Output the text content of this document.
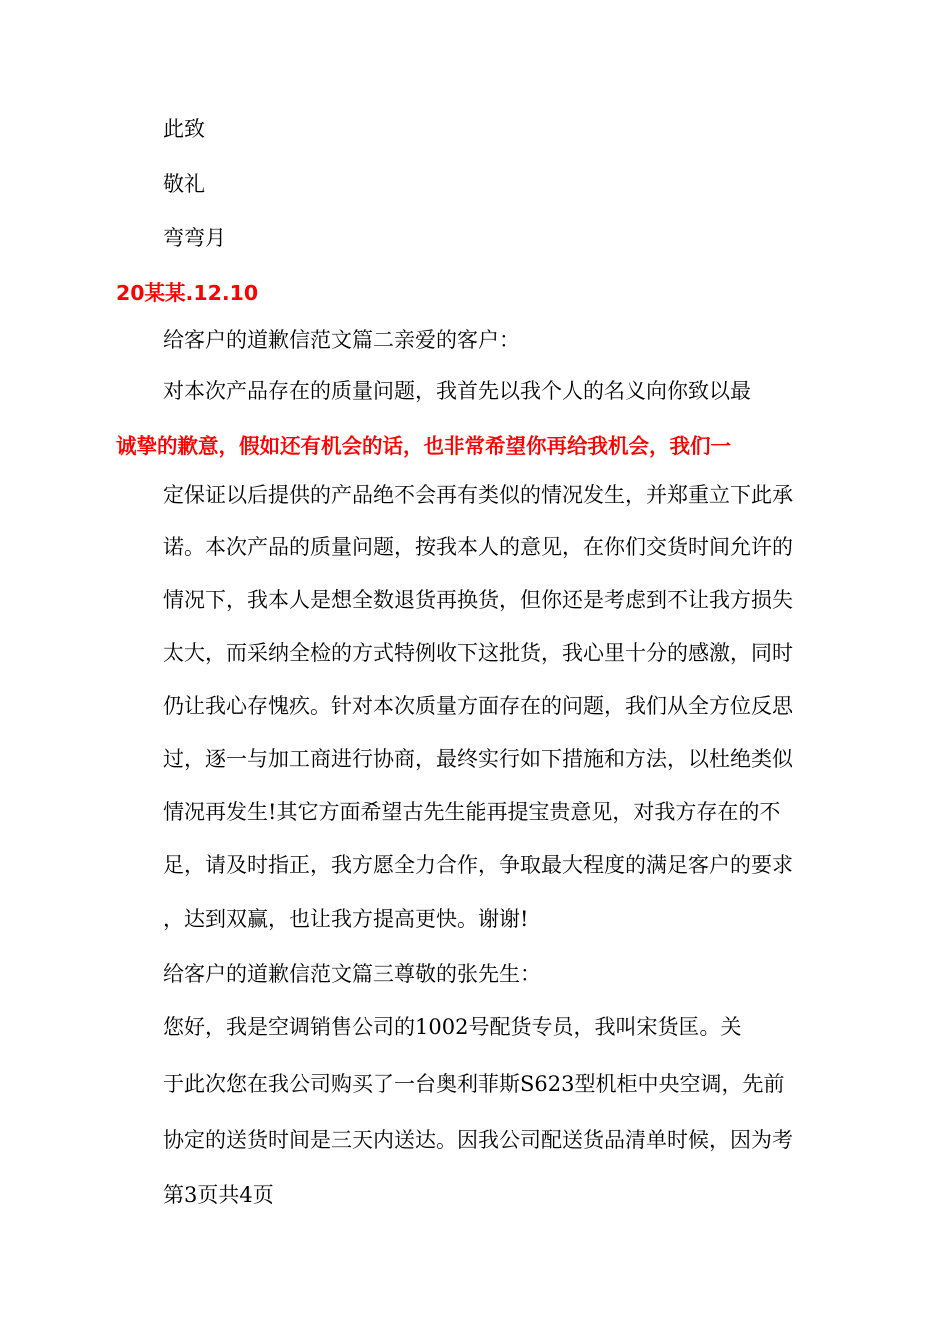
此致
敬礼
弯弯月
20某某.12.10
给客户的道歉信范文篇二亲爱的客户：
对本次产品存在的质量问题，我首先以我个人的名义向你致以最
诚挚的歉意，假如还有机会的话，也非常希望你再给我机会，我们一
定保证以后提供的产品绝不会再有类似的情况发生，并郑重立下此承
诺。本次产品的质量问题，按我本人的意见，在你们交货时间允许的
情况下，我本人是想全数退货再换货，但你还是考虑到不让我方损失
太大，而采纳全检的方式特例收下这批货，我心里十分的感激，同时
仍让我心存愧疚。针对本次质量方面存在的问题，我们从全方位反思
过，逐一与加工商进行协商，最终实行如下措施和方法，以杜绝类似
情况再发生!其它方面希望古先生能再提宝贵意见，对我方存在的不
足，请及时指正，我方愿全力合作，争取最大程度的满足客户的要求
，达到双赢，也让我方提高更快。谢谢!
给客户的道歉信范文篇三尊敬的张先生：
您好，我是空调销售公司的1002号配货专员，我叫宋货匡。关
于此次您在我公司购买了一台奥利菲斯S623型机柜中央空调，先前
协定的送货时间是三天内送达。因我公司配送货品清单时候，因为考
第3页共4页
